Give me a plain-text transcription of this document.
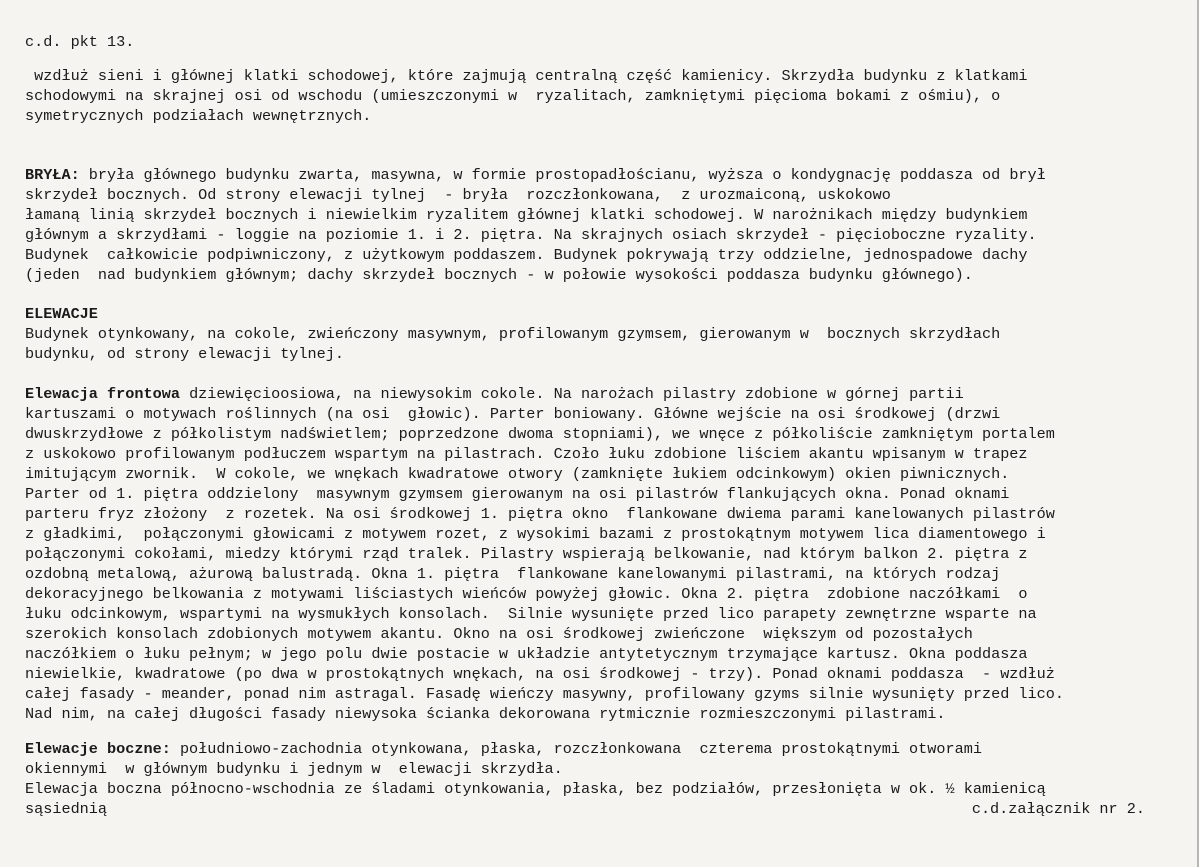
c.d. pkt 13.
wzdłuż sieni i głównej klatki schodowej, które zajmują centralną część kamienicy. Skrzydła budynku z klatkami
schodowymi na skrajnej osi od wschodu (umieszczonymi w  ryzalitach, zamkniętymi pięcioma bokami z ośmiu), o
symetrycznych podziałach wewnętrznych.
BRYŁA: bryła głównego budynku zwarta, masywna, w formie prostopadłościanu, wyższa o kondygnację poddasza od brył
skrzydeł bocznych. Od strony elewacji tylnej  - bryła  rozczłonkowana,  z urozmaiconą, uskokowo
łamaną linią skrzydeł bocznych i niewielkim ryzalitem głównej klatki schodowej. W narożnikach między budynkiem
głównym a skrzydłami - loggie na poziomie 1. i 2. piętra. Na skrajnych osiach skrzydeł - pięcioboczne ryzality.
Budynek  całkowicie podpiwniczony, z użytkowym poddaszem. Budynek pokrywają trzy oddzielne, jednospadowe dachy
(jeden  nad budynkiem głównym; dachy skrzydeł bocznych - w połowie wysokości poddasza budynku głównego).
ELEWACJE
Budynek otynkowany, na cokole, zwieńczony masywnym, profilowanym gzymsem, gierowanym w  bocznych skrzydłach
budynku, od strony elewacji tylnej.
Elewacja frontowa dziewięcioosiowa, na niewysokim cokole. Na narożach pilastry zdobione w górnej partii
kartuszami o motywach roślinnych (na osi  głowic). Parter boniowany. Główne wejście na osi środkowej (drzwi
dwuskrzydłowe z półkolistym nadświetlem; poprzedzone dwoma stopniami), we wnęce z półkoliście zamkniętym portalem
z uskokowo profilowanym podłuczem wspartym na pilastrach. Czoło łuku zdobione liściem akantu wpisanym w trapez
imitującym zwornik.  W cokole, we wnękach kwadratowe otwory (zamknięte łukiem odcinkowym) okien piwnicznych.
Parter od 1. piętra oddzielony  masywnym gzymsem gierowanym na osi pilastrów flankujących okna. Ponad oknami
parteru fryz złożony  z rozetek. Na osi środkowej 1. piętra okno  flankowane dwiema parami kanelowanych pilastrów
z gładkimi,  połączonymi głowicami z motywem rozet, z wysokimi bazami z prostokątnym motywem lica diamentowego i
połączonymi cokołami, miedzy którymi rząd tralek. Pilastry wspierają belkowanie, nad którym balkon 2. piętra z
ozdobną metalową, ażurową balustradą. Okna 1. piętra  flankowane kanelowanymi pilastrami, na których rodzaj
dekoracyjnego belkowania z motywami liściastych wieńców powyżej głowic. Okna 2. piętra  zdobione naczółkami  o
łuku odcinkowym, wspartymi na wysmukłych konsolach.  Silnie wysunięte przed lico parapety zewnętrzne wsparte na
szerokich konsolach zdobionych motywem akantu. Okno na osi środkowej zwieńczone  większym od pozostałych
naczółkiem o łuku pełnym; w jego polu dwie postacie w układzie antytetycznym trzymające kartusz. Okna poddasza
niewielkie, kwadratowe (po dwa w prostokątnych wnękach, na osi środkowej - trzy). Ponad oknami poddasza  - wzdłuż
całej fasady - meander, ponad nim astragal. Fasadę wieńczy masywny, profilowany gzyms silnie wysunięty przed lico.
Nad nim, na całej długości fasady niewysoka ścianka dekorowana rytmicznie rozmieszczonymi pilastrami.
Elewacje boczne: południowo-zachodnia otynkowana, płaska, rozczłonkowana  czterema prostokątnymi otworami
okiennymi  w głównym budynku i jednym w  elewacji skrzydła.
Elewacja boczna północno-wschodnia ze śladami otynkowania, płaska, bez podziałów, przesłonięta w ok. ½ kamienicą
sąsiednią	c.d.załącznik nr 2.
